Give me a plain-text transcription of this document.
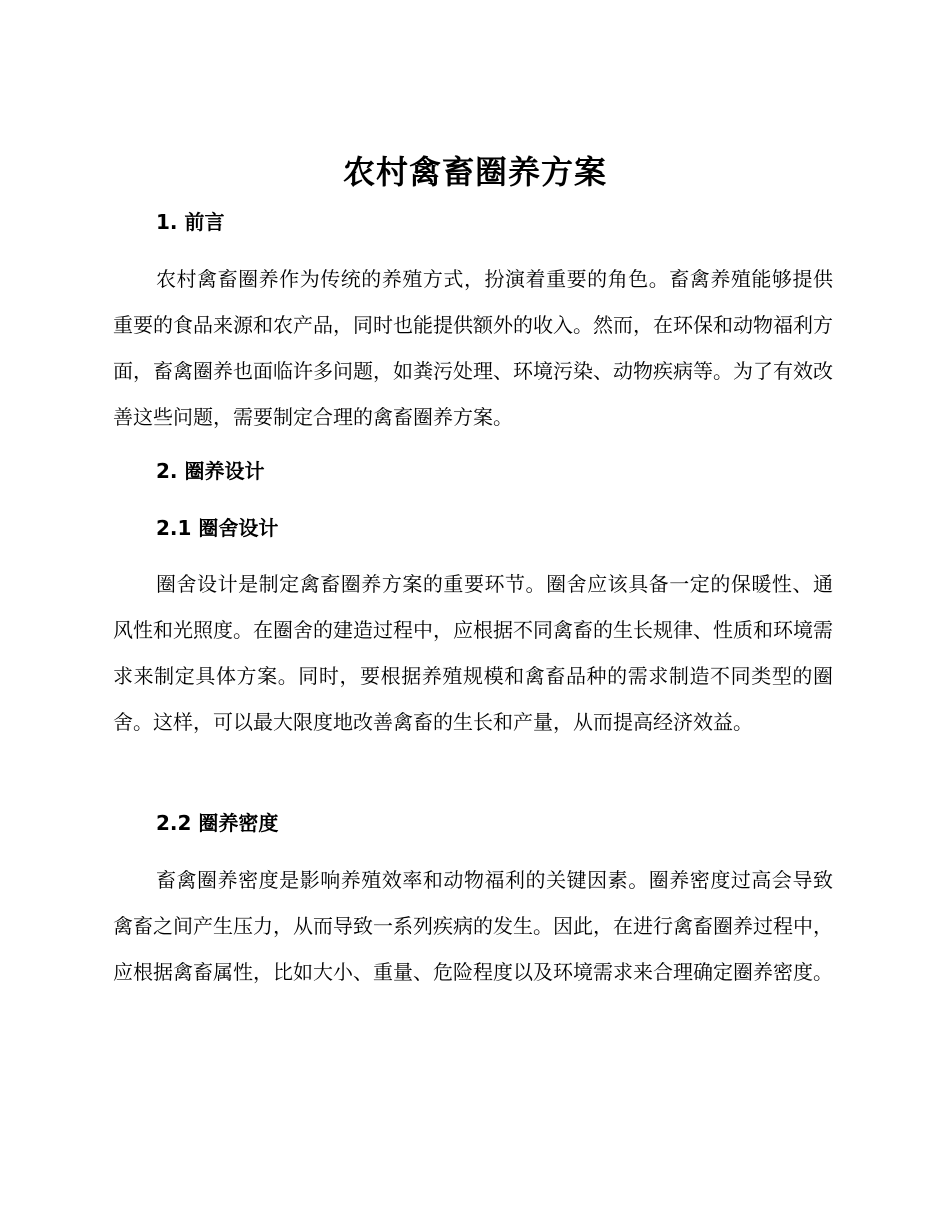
农村禽畜圈养方案
1. 前言

农村禽畜圈养作为传统的养殖方式，扮演着重要的角色。畜禽养殖能够提供重要的食品来源和农产品，同时也能提供额外的收入。然而，在环保和动物福利方面，畜禽圈养也面临许多问题，如粪污处理、环境污染、动物疾病等。为了有效改善这些问题，需要制定合理的禽畜圈养方案。

2. 圈养设计
2.1 圈舍设计

圈舍设计是制定禽畜圈养方案的重要环节。圈舍应该具备一定的保暖性、通风性和光照度。在圈舍的建造过程中，应根据不同禽畜的生长规律、性质和环境需求来制定具体方案。同时，要根据养殖规模和禽畜品种的需求制造不同类型的圈舍。这样，可以最大限度地改善禽畜的生长和产量，从而提高经济效益。

2.2 圈养密度

畜禽圈养密度是影响养殖效率和动物福利的关键因素。圈养密度过高会导致禽畜之间产生压力，从而导致一系列疾病的发生。因此，在进行禽畜圈养过程中，应根据禽畜属性，比如大小、重量、危险程度以及环境需求来合理确定圈养密度。
